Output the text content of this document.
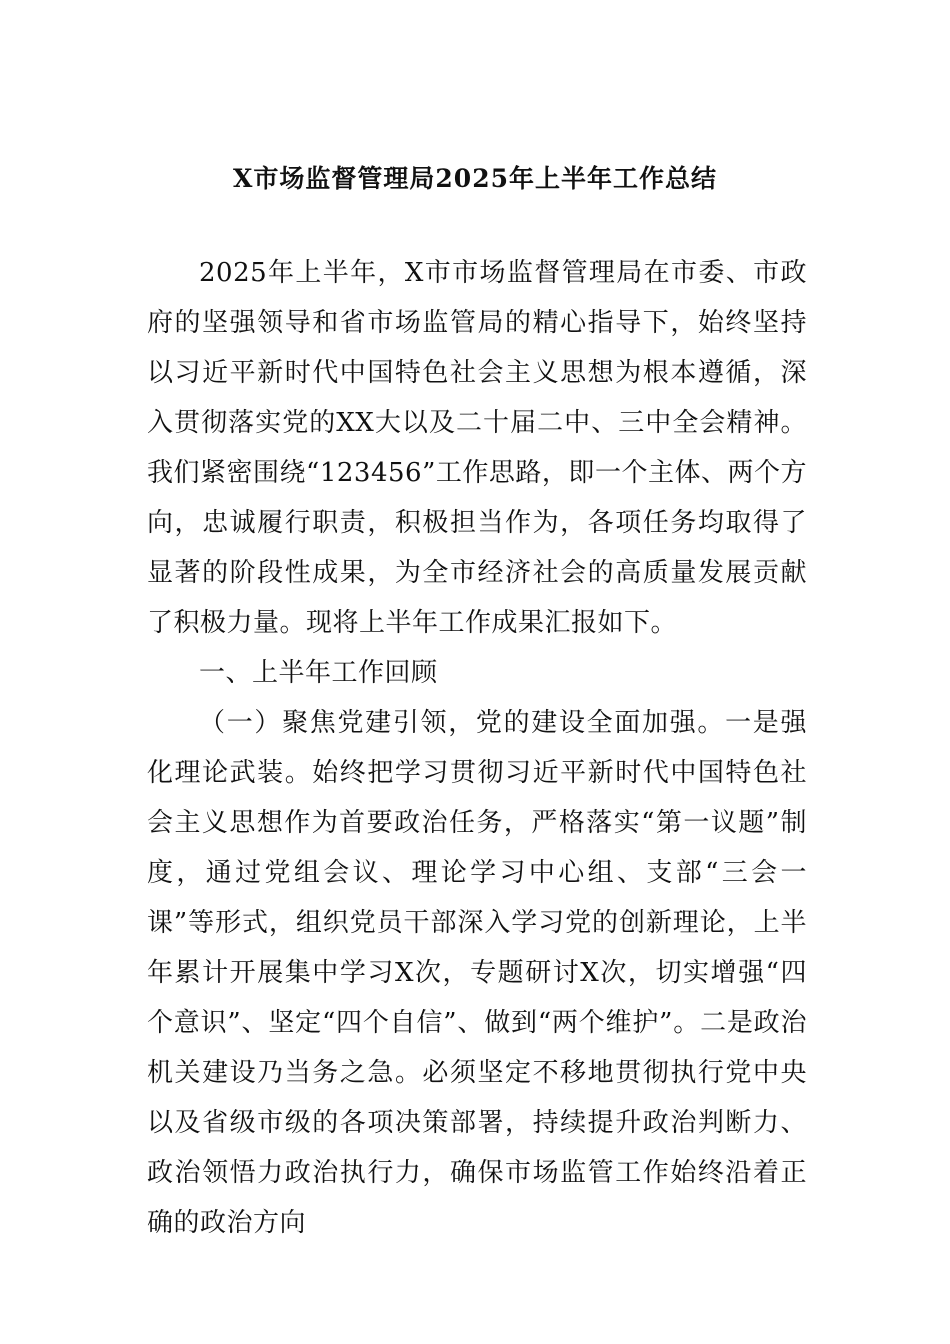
X市场监督管理局2025年上半年工作总结

2025年上半年，X市市场监督管理局在市委、市政府的坚强领导和省市场监管局的精心指导下，始终坚持以习近平新时代中国特色社会主义思想为根本遵循，深入贯彻落实党的XX大以及二十届二中、三中全会精神。我们紧密围绕“123456”工作思路，即一个主体、两个方向，忠诚履行职责，积极担当作为，各项任务均取得了显著的阶段性成果，为全市经济社会的高质量发展贡献了积极力量。现将上半年工作成果汇报如下。

一、上半年工作回顾

（一）聚焦党建引领，党的建设全面加强。一是强化理论武装。始终把学习贯彻习近平新时代中国特色社会主义思想作为首要政治任务，严格落实“第一议题”制度，通过党组会议、理论学习中心组、支部“三会一课”等形式，组织党员干部深入学习党的创新理论，上半年累计开展集中学习X次，专题研讨X次，切实增强“四个意识”、坚定“四个自信”、做到“两个维护”。二是政治机关建设乃当务之急。必须坚定不移地贯彻执行党中央以及省级市级的各项决策部署，持续提升政治判断力、政治领悟力政治执行力，确保市场监管工作始终沿着正确的政治方向
